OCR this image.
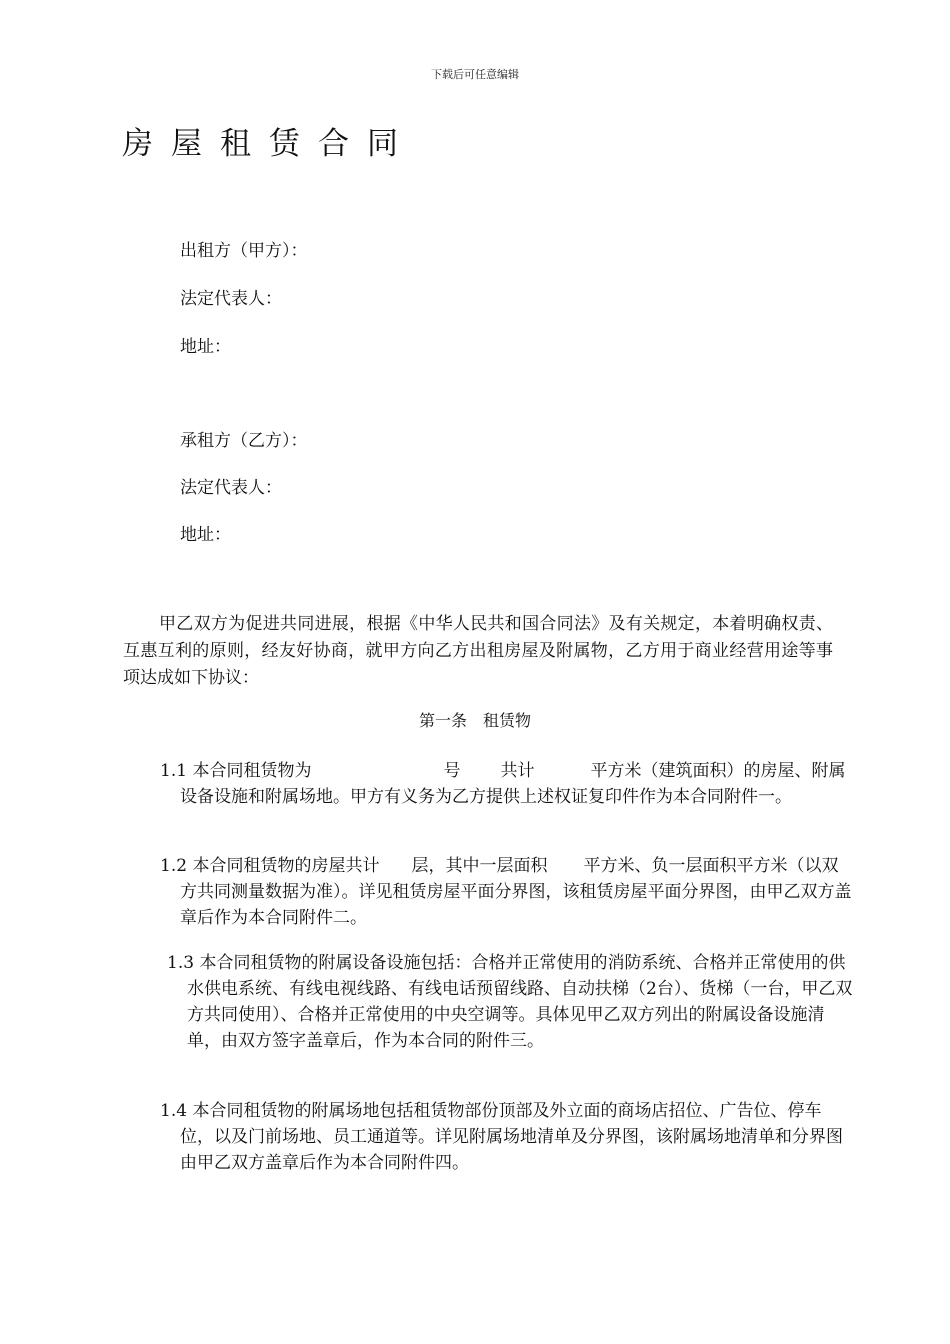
下载后可任意编辑
房屋租赁合同
出租方（甲方）：
法定代表人：
地址：
承租方（乙方）：
法定代表人：
地址：
甲乙双方为促进共同进展，根据《中华人民共和国合同法》及有关规定，本着明确权责、互惠互利的原则，经友好协商，就甲方向乙方出租房屋及附属物，乙方用于商业经营用途等事项达成如下协议：
第一条　租赁物
1.1 本合同租赁物为	号 共计	平方米（建筑面积）的房屋、附属设备设施和附属场地。甲方有义务为乙方提供上述权证复印件作为本合同附件一。
1.2 本合同租赁物的房屋共计 层，其中一层面积 平方米、负一层面积平方米（以双方共同测量数据为准）。详见租赁房屋平面分界图，该租赁房屋平面分界图，由甲乙双方盖章后作为本合同附件二。
1.3 本合同租赁物的附属设备设施包括：合格并正常使用的消防系统、合格并正常使用的供水供电系统、有线电视线路、有线电话预留线路、自动扶梯（2台）、货梯（一台，甲乙双方共同使用）、合格并正常使用的中央空调等。具体见甲乙双方列出的附属设备设施清单，由双方签字盖章后，作为本合同的附件三。
1.4 本合同租赁物的附属场地包括租赁物部份顶部及外立面的商场店招位、广告位、停车位，以及门前场地、员工通道等。详见附属场地清单及分界图，该附属场地清单和分界图由甲乙双方盖章后作为本合同附件四。
